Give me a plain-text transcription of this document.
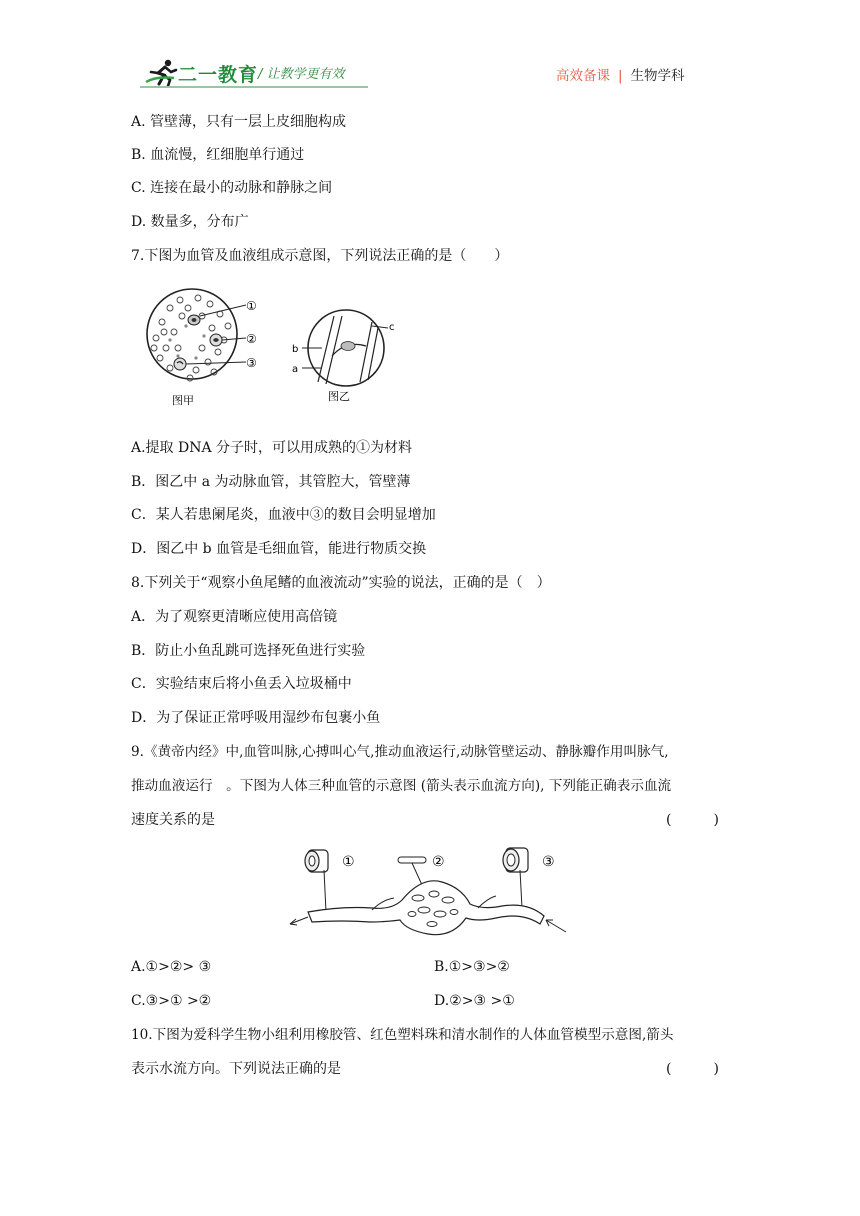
二一教育 / 让教学更有效	高效备课 | 生物学科
A. 管壁薄，只有一层上皮细胞构成
B. 血流慢，红细胞单行通过
C. 连接在最小的动脉和静脉之间
D. 数量多，分布广
7.下图为血管及血液组成示意图，下列说法正确的是（　　）
①
②
③
图甲
b
a
c
图乙
A.提取 DNA 分子时，可以用成熟的①为材料
B．图乙中 a 为动脉血管，其管腔大，管壁薄
C．某人若患阑尾炎，血液中③的数目会明显增加
D．图乙中 b 血管是毛细血管，能进行物质交换
8.下列关于“观察小鱼尾鳍的血液流动”实验的说法，正确的是（　）
A．为了观察更清晰应使用高倍镜
B．防止小鱼乱跳可选择死鱼进行实验
C．实验结束后将小鱼丢入垃圾桶中
D．为了保证正常呼吸用湿纱布包裹小鱼
9.《黄帝内经》中,血管叫脉,心搏叫心气,推动血液运行,动脉管壁运动、静脉瓣作用叫脉气,
推动血液运行　。下图为人体三种血管的示意图 (箭头表示血流方向), 下列能正确表示血流
速度关系的是	(　　　)
①	②	③
A.①>②> ③	B.①>③>②
C.③>① >②	D.②>③ >①
10.下图为爱科学生物小组利用橡胶管、红色塑料珠和清水制作的人体血管模型示意图,箭头
表示水流方向。下列说法正确的是	(　　　)
